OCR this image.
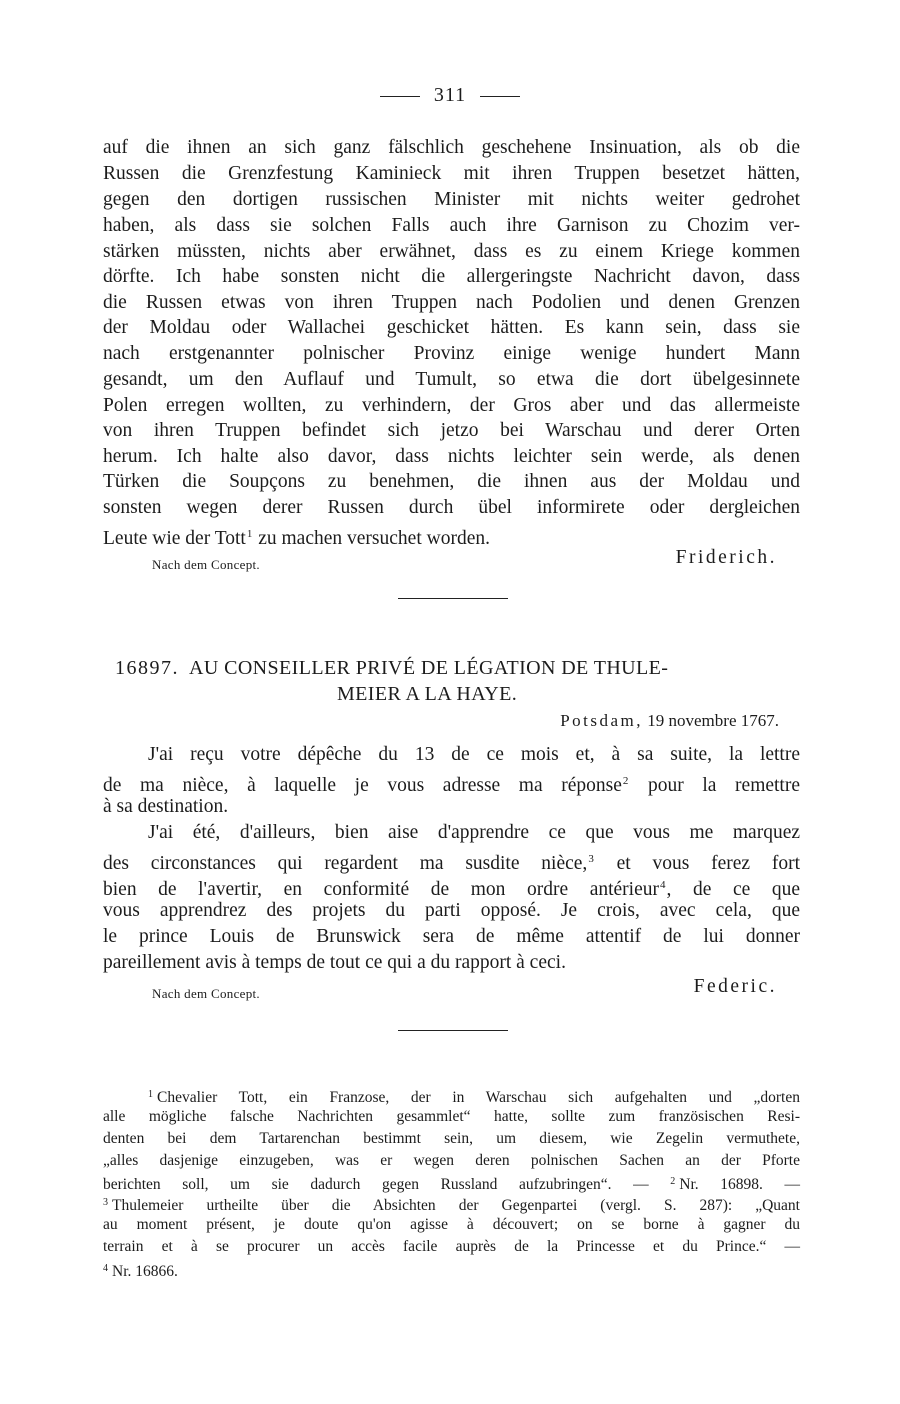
311
auf die ihnen an sich ganz fälschlich geschehene Insinuation, als ob die
Russen die Grenzfestung Kaminieck mit ihren Truppen besetzet hätten,
gegen den dortigen russischen Minister mit nichts weiter gedrohet
haben, als dass sie solchen Falls auch ihre Garnison zu Chozim ver-
stärken müssten, nichts aber erwähnet, dass es zu einem Kriege kommen
dörfte. Ich habe sonsten nicht die allergeringste Nachricht davon, dass
die Russen etwas von ihren Truppen nach Podolien und denen Grenzen
der Moldau oder Wallachei geschicket hätten. Es kann sein, dass sie
nach erstgenannter polnischer Provinz einige wenige hundert Mann
gesandt, um den Auflauf und Tumult, so etwa die dort übelgesinnete
Polen erregen wollten, zu verhindern, der Gros aber und das allermeiste
von ihren Truppen befindet sich jetzo bei Warschau und derer Orten
herum. Ich halte also davor, dass nichts leichter sein werde, als denen
Türken die Soupçons zu benehmen, die ihnen aus der Moldau und
sonsten wegen derer Russen durch übel informirete oder dergleichen
Leute wie der Tott$^1$ zu machen versuchet worden.
Nach dem Concept.	Friderich.
16897. AU CONSEILLER PRIVÉ DE LÉGATION DE THULE-
MEIER A LA HAYE.
Potsdam, 19 novembre 1767.
J'ai reçu votre dépêche du 13 de ce mois et, à sa suite, la lettre
de ma nièce, à laquelle je vous adresse ma réponse$^2$ pour la remettre
à sa destination.
J'ai été, d'ailleurs, bien aise d'apprendre ce que vous me marquez
des circonstances qui regardent ma susdite nièce,$^3$ et vous ferez fort
bien de l'avertir, en conformité de mon ordre antérieur$^4$, de ce que
vous apprendrez des projets du parti opposé. Je crois, avec cela, que
le prince Louis de Brunswick sera de même attentif de lui donner
pareillement avis à temps de tout ce qui a du rapport à ceci.
Nach dem Concept.	Federic.
$^1$ Chevalier Tott, ein Franzose, der in Warschau sich aufgehalten und „dorten
alle mögliche falsche Nachrichten gesammlet“ hatte, sollte zum französischen Resi-
denten bei dem Tartarenchan bestimmt sein, um diesem, wie Zegelin vermuthete,
„alles dasjenige einzugeben, was er wegen deren polnischen Sachen an der Pforte
berichten soll, um sie dadurch gegen Russland aufzubringen“. — $^2$ Nr. 16898. —
$^3$ Thulemeier urtheilte über die Absichten der Gegenpartei (vergl. S. 287): „Quant
au moment présent, je doute qu'on agisse à découvert; on se borne à gagner du
terrain et à se procurer un accès facile auprès de la Princesse et du Prince.“ —
$^4$ Nr. 16866.
